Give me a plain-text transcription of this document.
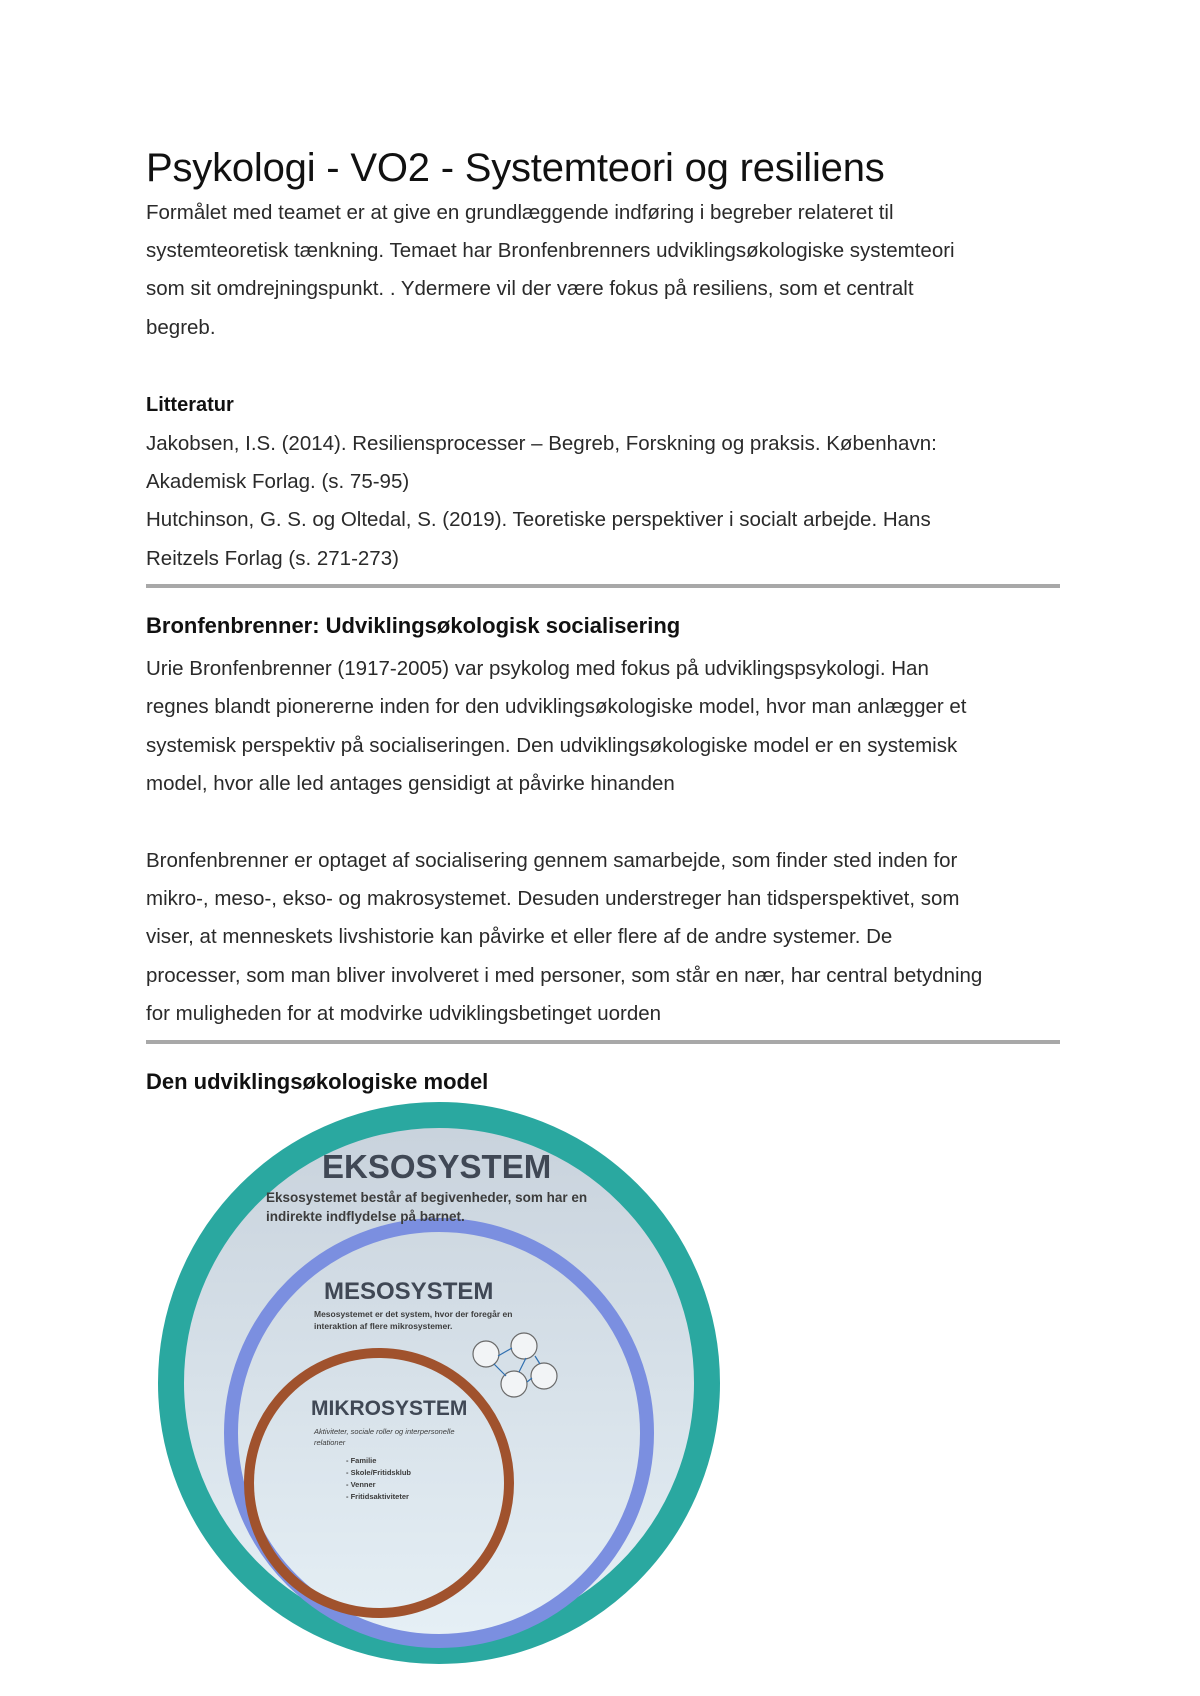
Psykologi - VO2 - Systemteori og resiliens

Formålet med teamet er at give en grundlæggende indføring i begreber relateret til

systemteoretisk tænkning. Temaet har Bronfenbrenners udviklingsøkologiske systemteori

som sit omdrejningspunkt. . Ydermere vil der være fokus på resiliens, som et centralt

begreb.

Litteratur

Jakobsen, I.S. (2014). Resiliensprocesser – Begreb, Forskning og praksis. København:

Akademisk Forlag. (s. 75-95)

Hutchinson, G. S. og Oltedal, S. (2019). Teoretiske perspektiver i socialt arbejde. Hans

Reitzels Forlag (s. 271-273)

Bronfenbrenner: Udviklingsøkologisk socialisering

Urie Bronfenbrenner (1917-2005) var psykolog med fokus på udviklingspsykologi. Han

regnes blandt pionererne inden for den udviklingsøkologiske model, hvor man anlægger et

systemisk perspektiv på socialiseringen. Den udviklingsøkologiske model er en systemisk

model, hvor alle led antages gensidigt at påvirke hinanden

Bronfenbrenner er optaget af socialisering gennem samarbejde, som finder sted inden for

mikro-, meso-, ekso- og makrosystemet. Desuden understreger han tidsperspektivet, som

viser, at menneskets livshistorie kan påvirke et eller flere af de andre systemer. De

processer, som man bliver involveret i med personer, som står en nær, har central betydning

for muligheden for at modvirke udviklingsbetinget uorden

Den udviklingsøkologiske model
EKSOSYSTEM
Eksosystemet består af begivenheder, som har en
indirekte indflydelse på barnet.
MESOSYSTEM
Mesosystemet er det system, hvor der foregår en
interaktion af flere mikrosystemer.
MIKROSYSTEM
Aktiviteter, sociale roller og interpersonelle
relationer
- Familie
- Skole/Fritidsklub
- Venner
- Fritidsaktiviteter
